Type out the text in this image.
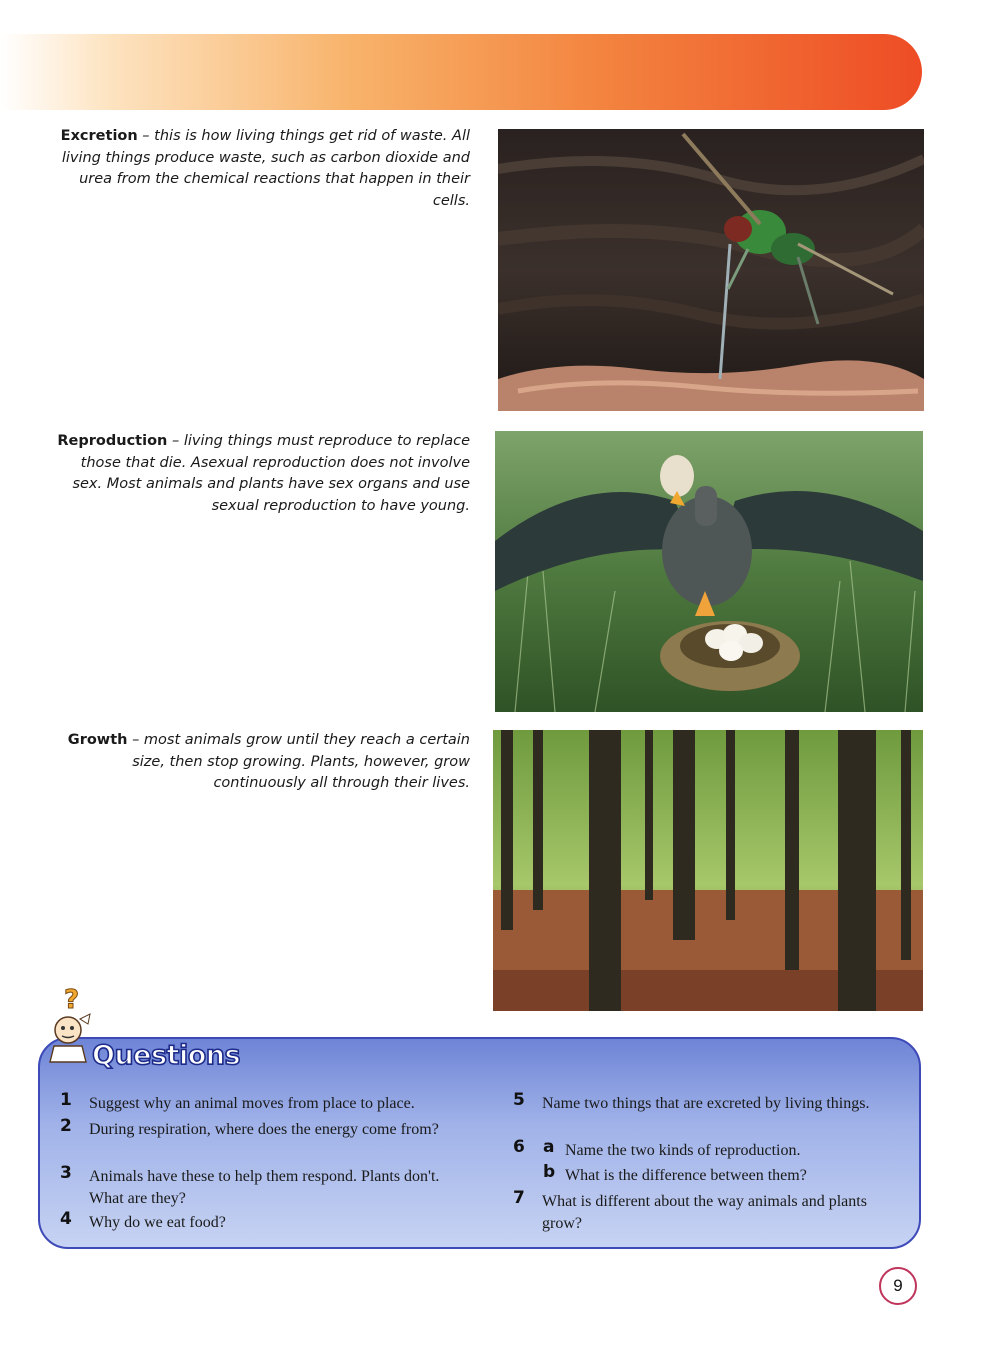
Excretion – this is how living things get rid of waste. All living things produce waste, such as carbon dioxide and urea from the chemical reactions that happen in their cells.
Reproduction – living things must reproduce to replace those that die. Asexual reproduction does not involve sex. Most animals and plants have sex organs and use sexual reproduction to have young.
Growth – most animals grow until they reach a certain size, then stop growing. Plants, however, grow continuously all through their lives.
?
Questions
1 Suggest why an animal moves from place to place.
2 During respiration, where does the energy come from?
3 Animals have these to help them respond. Plants don't. What are they?
4 Why do we eat food?
5 Name two things that are excreted by living things.
6 a Name the two kinds of reproduction.
b What is the difference between them?
7 What is different about the way animals and plants grow?
9
